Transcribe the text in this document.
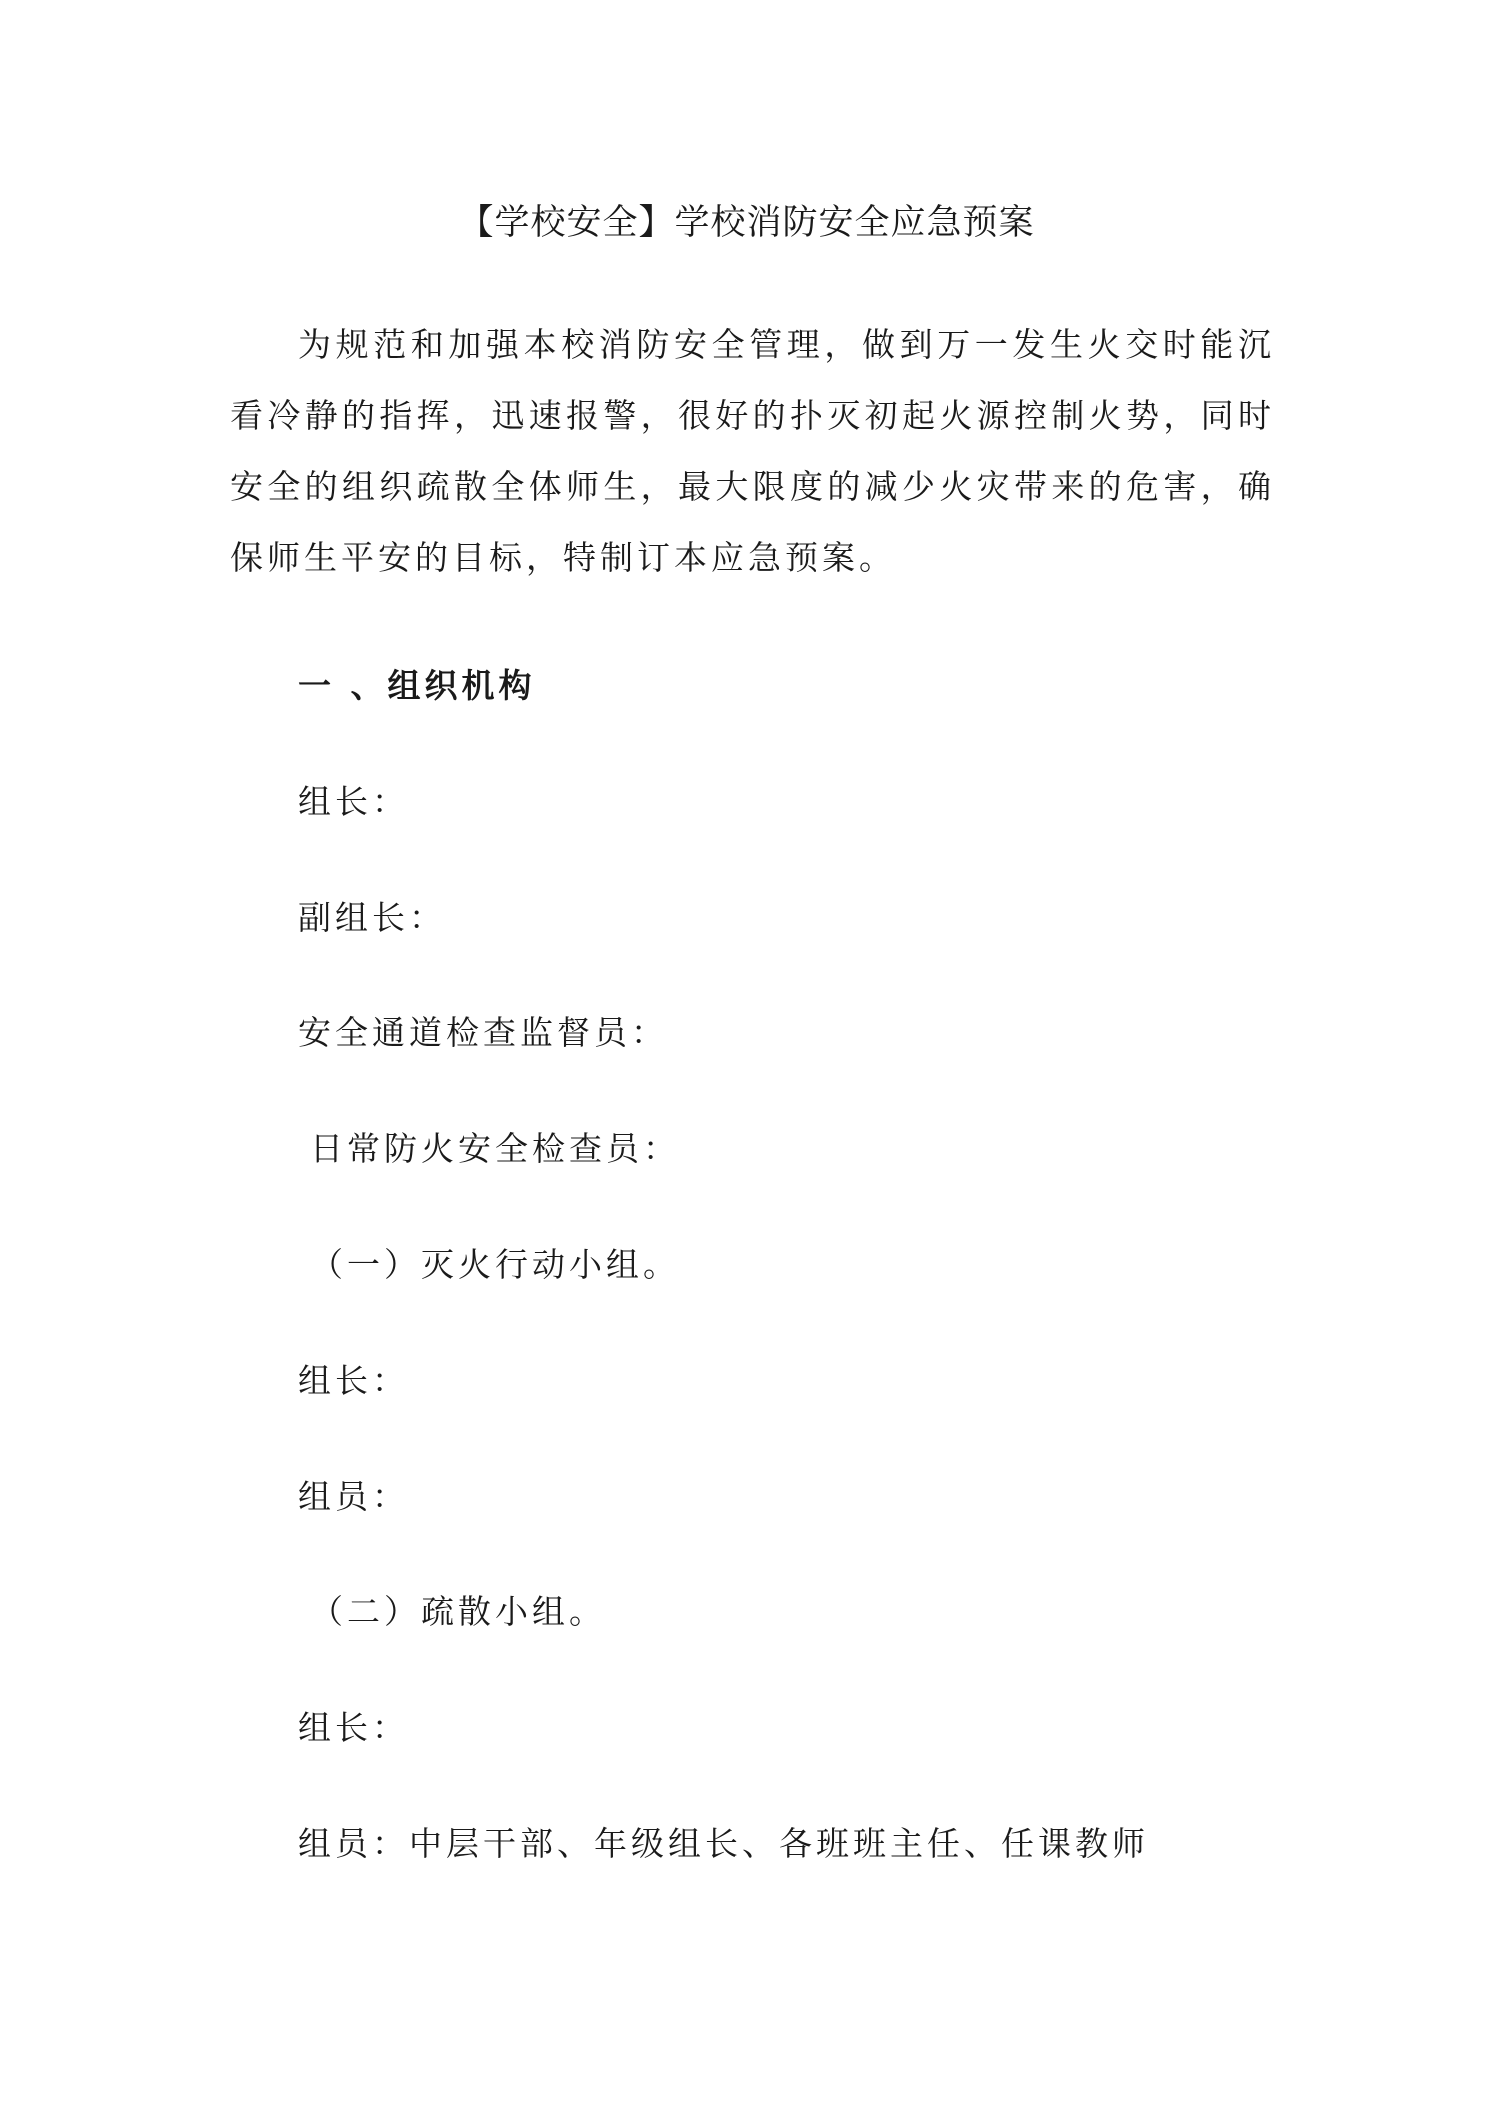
【学校安全】学校消防安全应急预案

为规范和加强本校消防安全管理，做到万一发生火交时能沉看冷静的指挥，迅速报警，很好的扑灭初起火源控制火势，同时安全的组织疏散全体师生，最大限度的减少火灾带来的危害，确保师生平安的目标，特制订本应急预案。

一 、组织机构

组长：

副组长：

安全通道检查监督员：

日常防火安全检查员：

（一）灭火行动小组。

组长：

组员：

（二）疏散小组。

组长：

组员：中层干部、年级组长、各班班主任、任课教师
